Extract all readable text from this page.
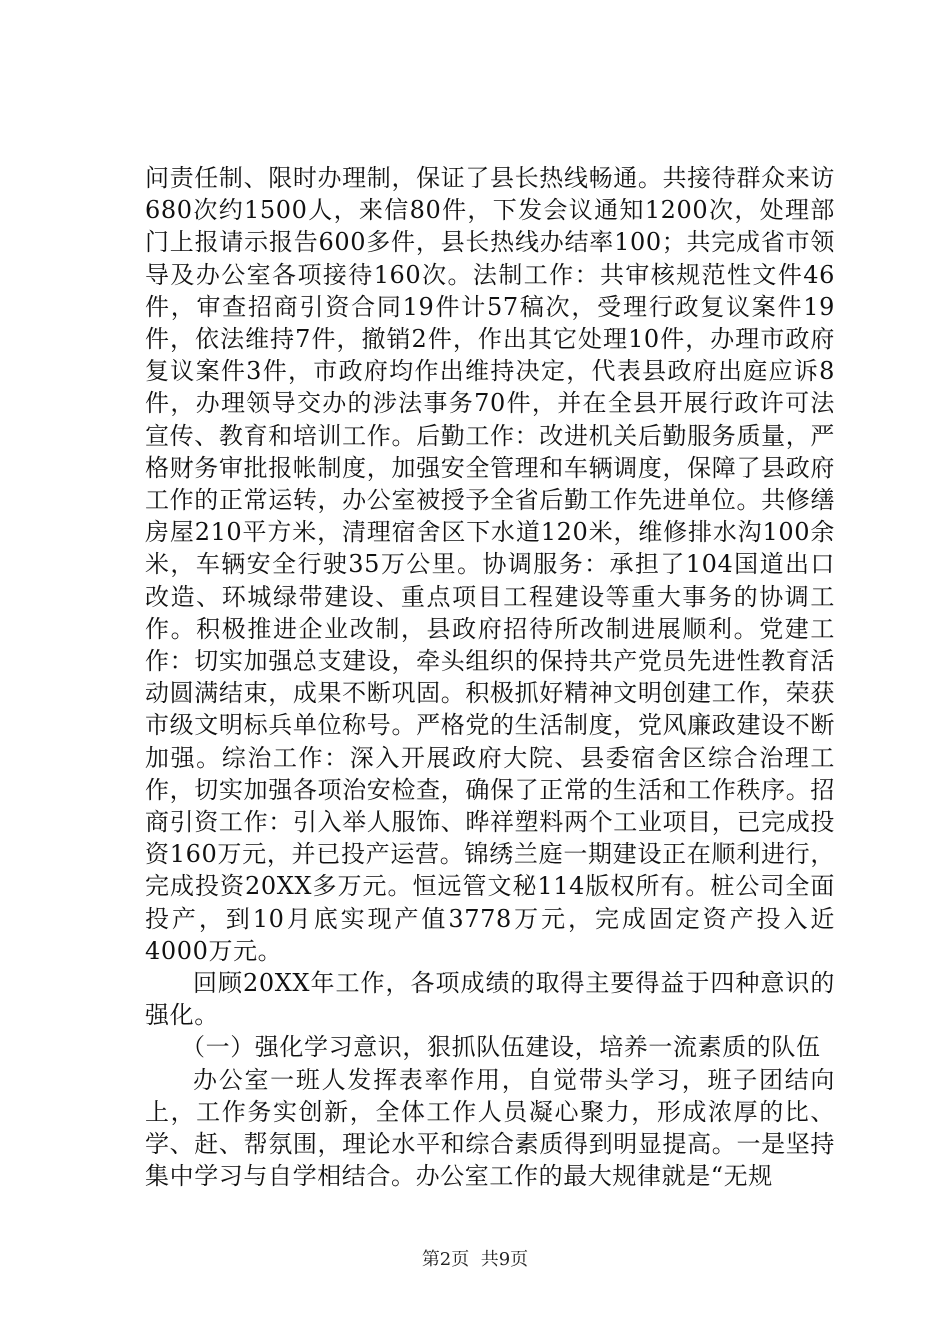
问责任制、限时办理制，保证了县长热线畅通。共接待群众来访680次约1500人，来信80件，下发会议通知1200次，处理部门上报请示报告600多件，县长热线办结率100；共完成省市领导及办公室各项接待160次。法制工作：共审核规范性文件46件，审查招商引资合同19件计57稿次，受理行政复议案件19件，依法维持7件，撤销2件，作出其它处理10件，办理市政府复议案件3件，市政府均作出维持决定，代表县政府出庭应诉8件，办理领导交办的涉法事务70件，并在全县开展行政许可法宣传、教育和培训工作。后勤工作：改进机关后勤服务质量，严格财务审批报帐制度，加强安全管理和车辆调度，保障了县政府工作的正常运转，办公室被授予全省后勤工作先进单位。共修缮房屋210平方米，清理宿舍区下水道120米，维修排水沟100余米，车辆安全行驶35万公里。协调服务：承担了104国道出口改造、环城绿带建设、重点项目工程建设等重大事务的协调工作。积极推进企业改制，县政府招待所改制进展顺利。党建工作：切实加强总支建设，牵头组织的保持共产党员先进性教育活动圆满结束，成果不断巩固。积极抓好精神文明创建工作，荣获市级文明标兵单位称号。严格党的生活制度，党风廉政建设不断加强。综治工作：深入开展政府大院、县委宿舍区综合治理工作，切实加强各项治安检查，确保了正常的生活和工作秩序。招商引资工作：引入举人服饰、晔祥塑料两个工业项目，已完成投资160万元，并已投产运营。锦绣兰庭一期建设正在顺利进行，完成投资20XX多万元。恒远管文秘114版权所有。桩公司全面投产，到10月底实现产值3778万元，完成固定资产投入近4000万元。

回顾20XX年工作，各项成绩的取得主要得益于四种意识的强化。

（一）强化学习意识，狠抓队伍建设，培养一流素质的队伍

办公室一班人发挥表率作用，自觉带头学习，班子团结向上，工作务实创新，全体工作人员凝心聚力，形成浓厚的比、学、赶、帮氛围，理论水平和综合素质得到明显提高。一是坚持集中学习与自学相结合。办公室工作的最大规律就是“无规

第2页  共9页
